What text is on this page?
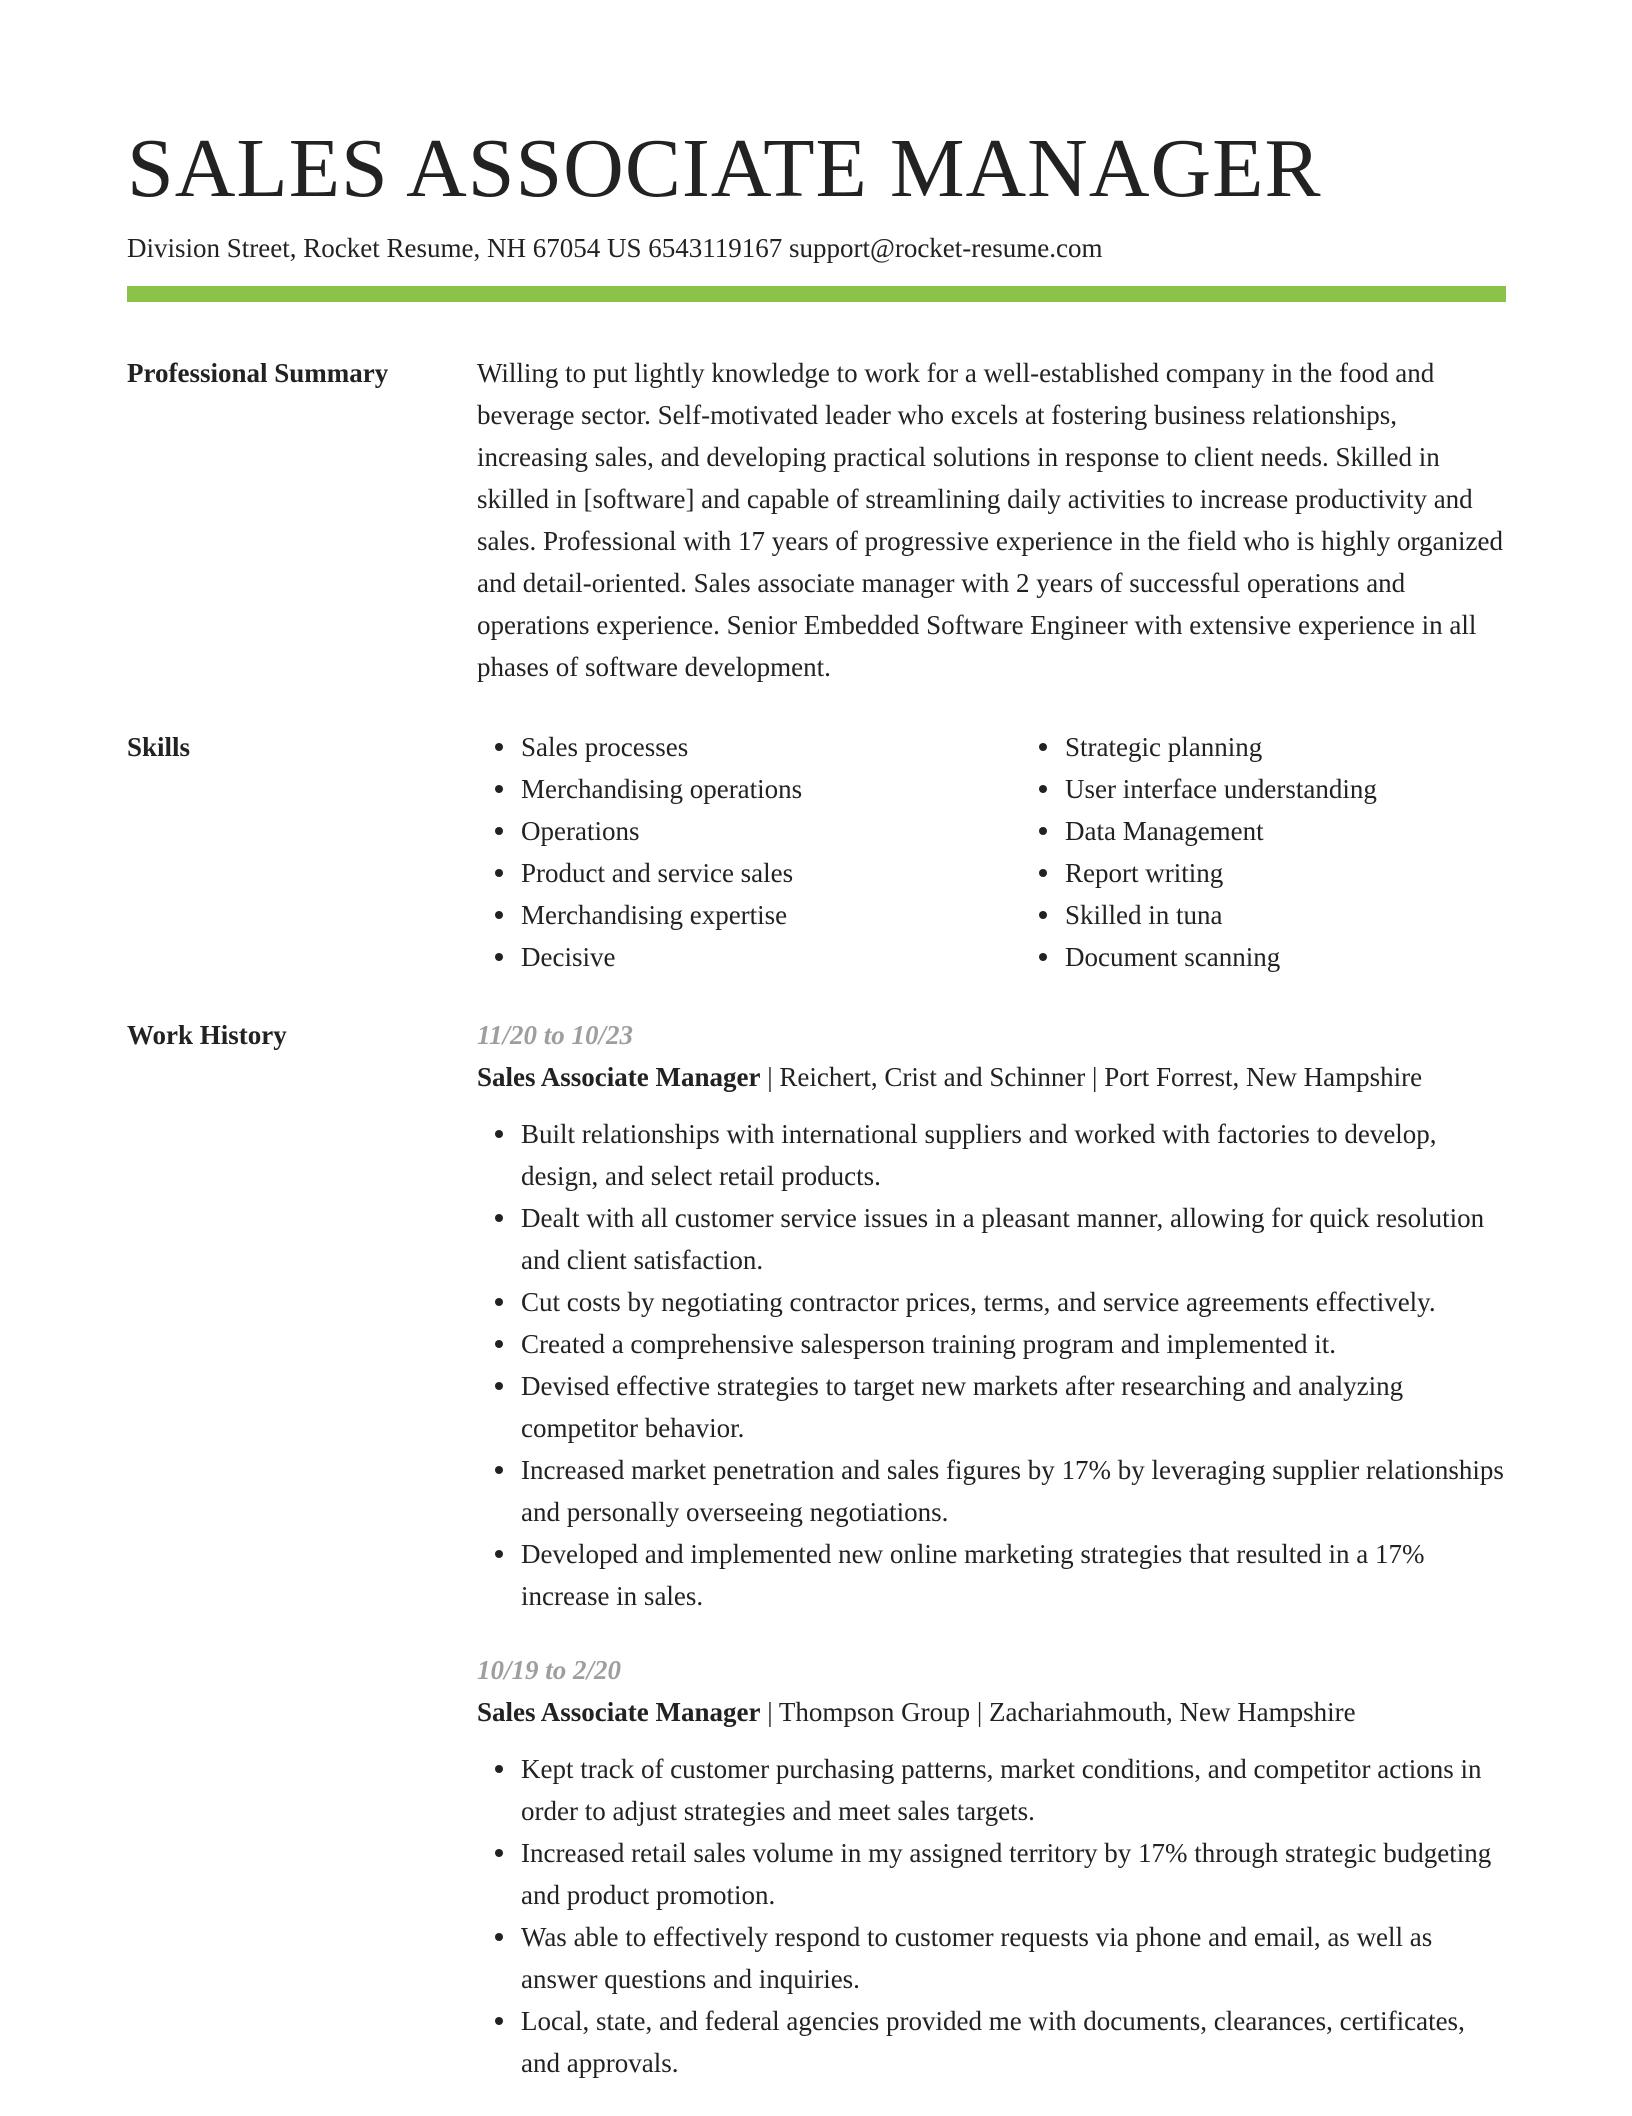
SALES ASSOCIATE MANAGER
Division Street, Rocket Resume, NH 67054 US 6543119167 support@rocket-resume.com
Professional Summary	Willing to put lightly knowledge to work for a well-established company in the food and beverage sector. Self-motivated leader who excels at fostering business relationships, increasing sales, and developing practical solutions in response to client needs. Skilled in skilled in [software] and capable of streamlining daily activities to increase productivity and sales. Professional with 17 years of progressive experience in the field who is highly organized and detail-oriented. Sales associate manager with 2 years of successful operations and operations experience. Senior Embedded Software Engineer with extensive experience in all phases of software development.

Skills	Sales processes
Merchandising operations
Operations
Product and service sales
Merchandising expertise
Decisive
Strategic planning
User interface understanding
Data Management
Report writing
Skilled in tuna
Document scanning
Work History	11/20 to 10/23
Sales Associate Manager | Reichert, Crist and Schinner | Port Forrest, New Hampshire
Built relationships with international suppliers and worked with factories to develop, design, and select retail products.
Dealt with all customer service issues in a pleasant manner, allowing for quick resolution and client satisfaction.
Cut costs by negotiating contractor prices, terms, and service agreements effectively.
Created a comprehensive salesperson training program and implemented it.
Devised effective strategies to target new markets after researching and analyzing competitor behavior.
Increased market penetration and sales figures by 17% by leveraging supplier relationships and personally overseeing negotiations.
Developed and implemented new online marketing strategies that resulted in a 17% increase in sales.
10/19 to 2/20
Sales Associate Manager | Thompson Group | Zachariahmouth, New Hampshire
Kept track of customer purchasing patterns, market conditions, and competitor actions in order to adjust strategies and meet sales targets.
Increased retail sales volume in my assigned territory by 17% through strategic budgeting and product promotion.
Was able to effectively respond to customer requests via phone and email, as well as answer questions and inquiries.
Local, state, and federal agencies provided me with documents, clearances, certificates, and approvals.
